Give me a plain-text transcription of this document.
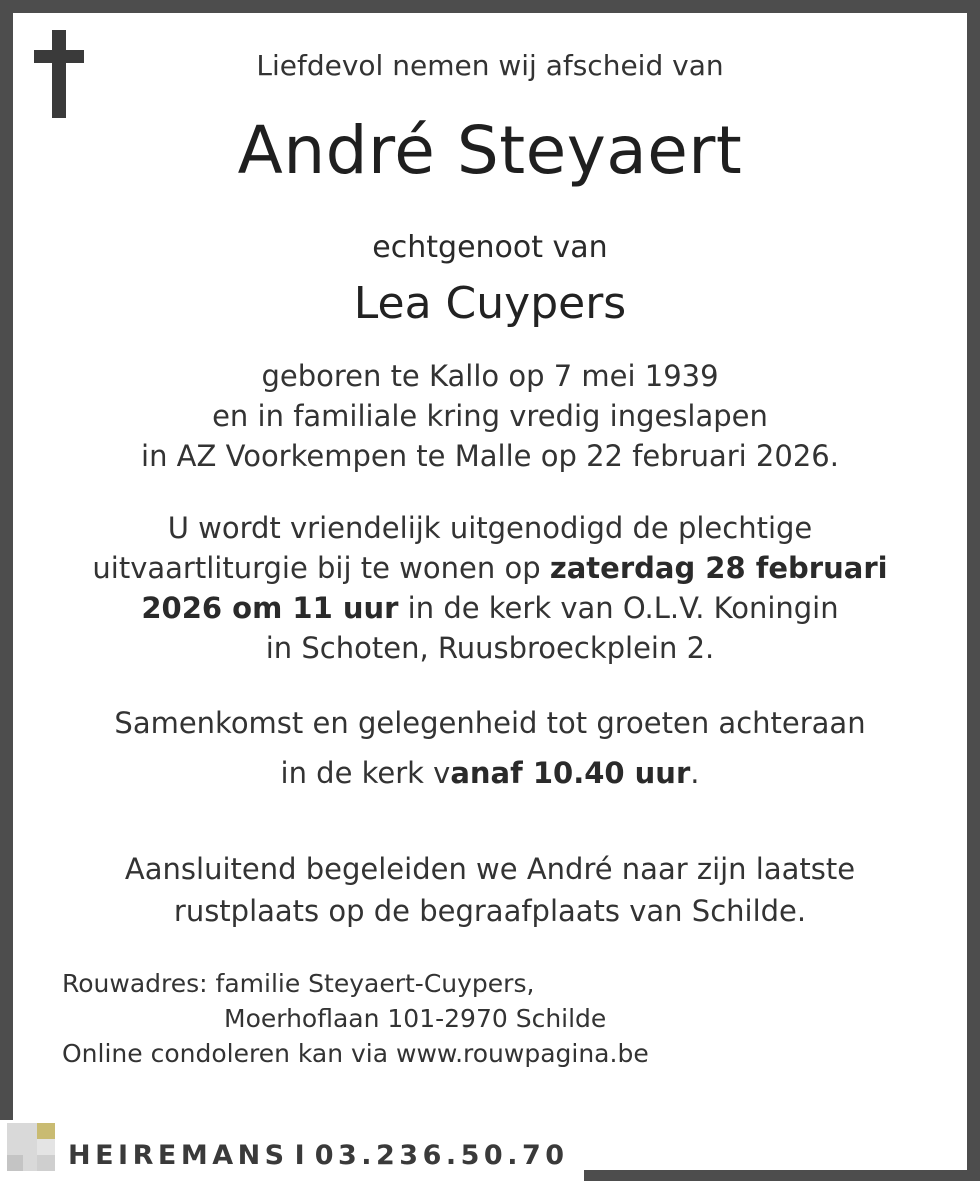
Liefdevol nemen wij afscheid van
André Steyaert
echtgenoot van
Lea Cuypers
geboren te Kallo op 7 mei 1939
en in familiale kring vredig ingeslapen
in AZ Voorkempen te Malle op 22 februari 2026.
U wordt vriendelijk uitgenodigd de plechtige
uitvaartliturgie bij te wonen op zaterdag 28 februari
2026 om 11 uur in de kerk van O.L.V. Koningin
in Schoten, Ruusbroeckplein 2.
Samenkomst en gelegenheid tot groeten achteraan
in de kerk vanaf 10.40 uur.
Aansluitend begeleiden we André naar zijn laatste
rustplaats op de begraafplaats van Schilde.
Rouwadres: familie Steyaert-Cuypers,
Moerhoflaan 101-2970 Schilde
Online condoleren kan via www.rouwpagina.be
HEIREMANS I 03.236.50.70
